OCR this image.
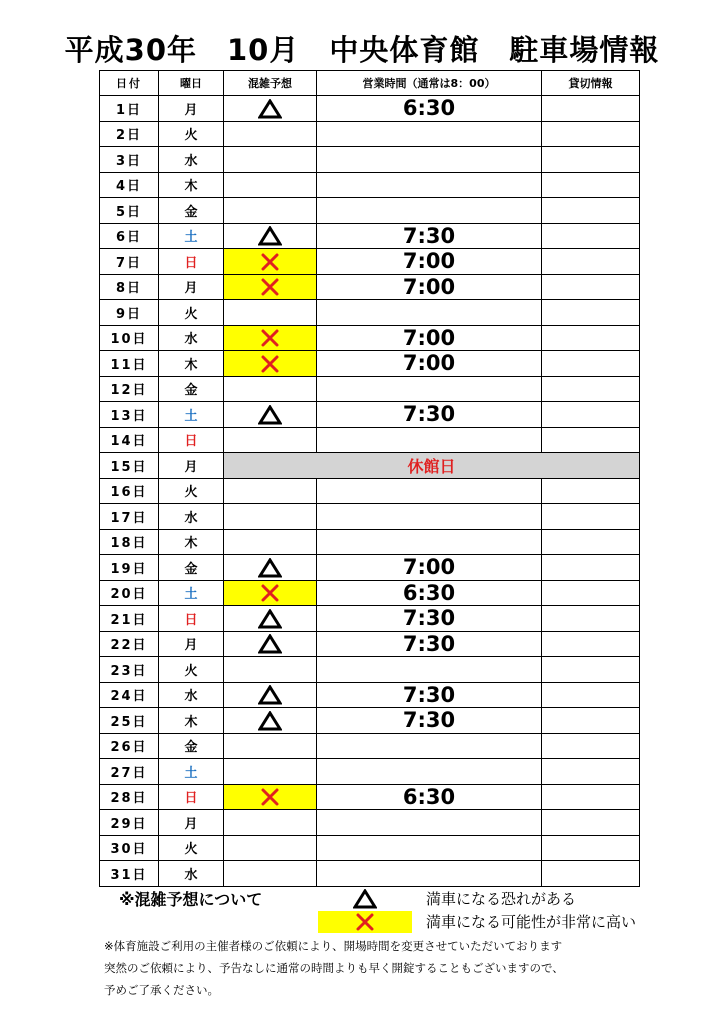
平成30年　10月　中央体育館　駐車場情報
日付	曜日	混雑予想	営業時間（通常は8：00）	貸切情報
1日	月		6:30	
2日	火			
3日	水			
4日	木			
5日	金			
6日	土		7:30	
7日	日		7:00	
8日	月		7:00	
9日	火			
10日	水		7:00	
11日	木		7:00	
12日	金			
13日	土		7:30	
14日	日			
15日	月	休館日		
16日	火			
17日	水			
18日	木			
19日	金		7:00	
20日	土		6:30	
21日	日		7:30	
22日	月		7:30	
23日	火			
24日	水		7:30	
25日	木		7:30	
26日	金			
27日	土			
28日	日		6:30	
29日	月			
30日	火			
31日	水			
※混雑予想について	満車になる恐れがある
満車になる可能性が非常に高い
※体育施設ご利用の主催者様のご依頼により、開場時間を変更させていただいております
突然のご依頼により、予告なしに通常の時間よりも早く開錠することもございますので、
予めご了承ください。
